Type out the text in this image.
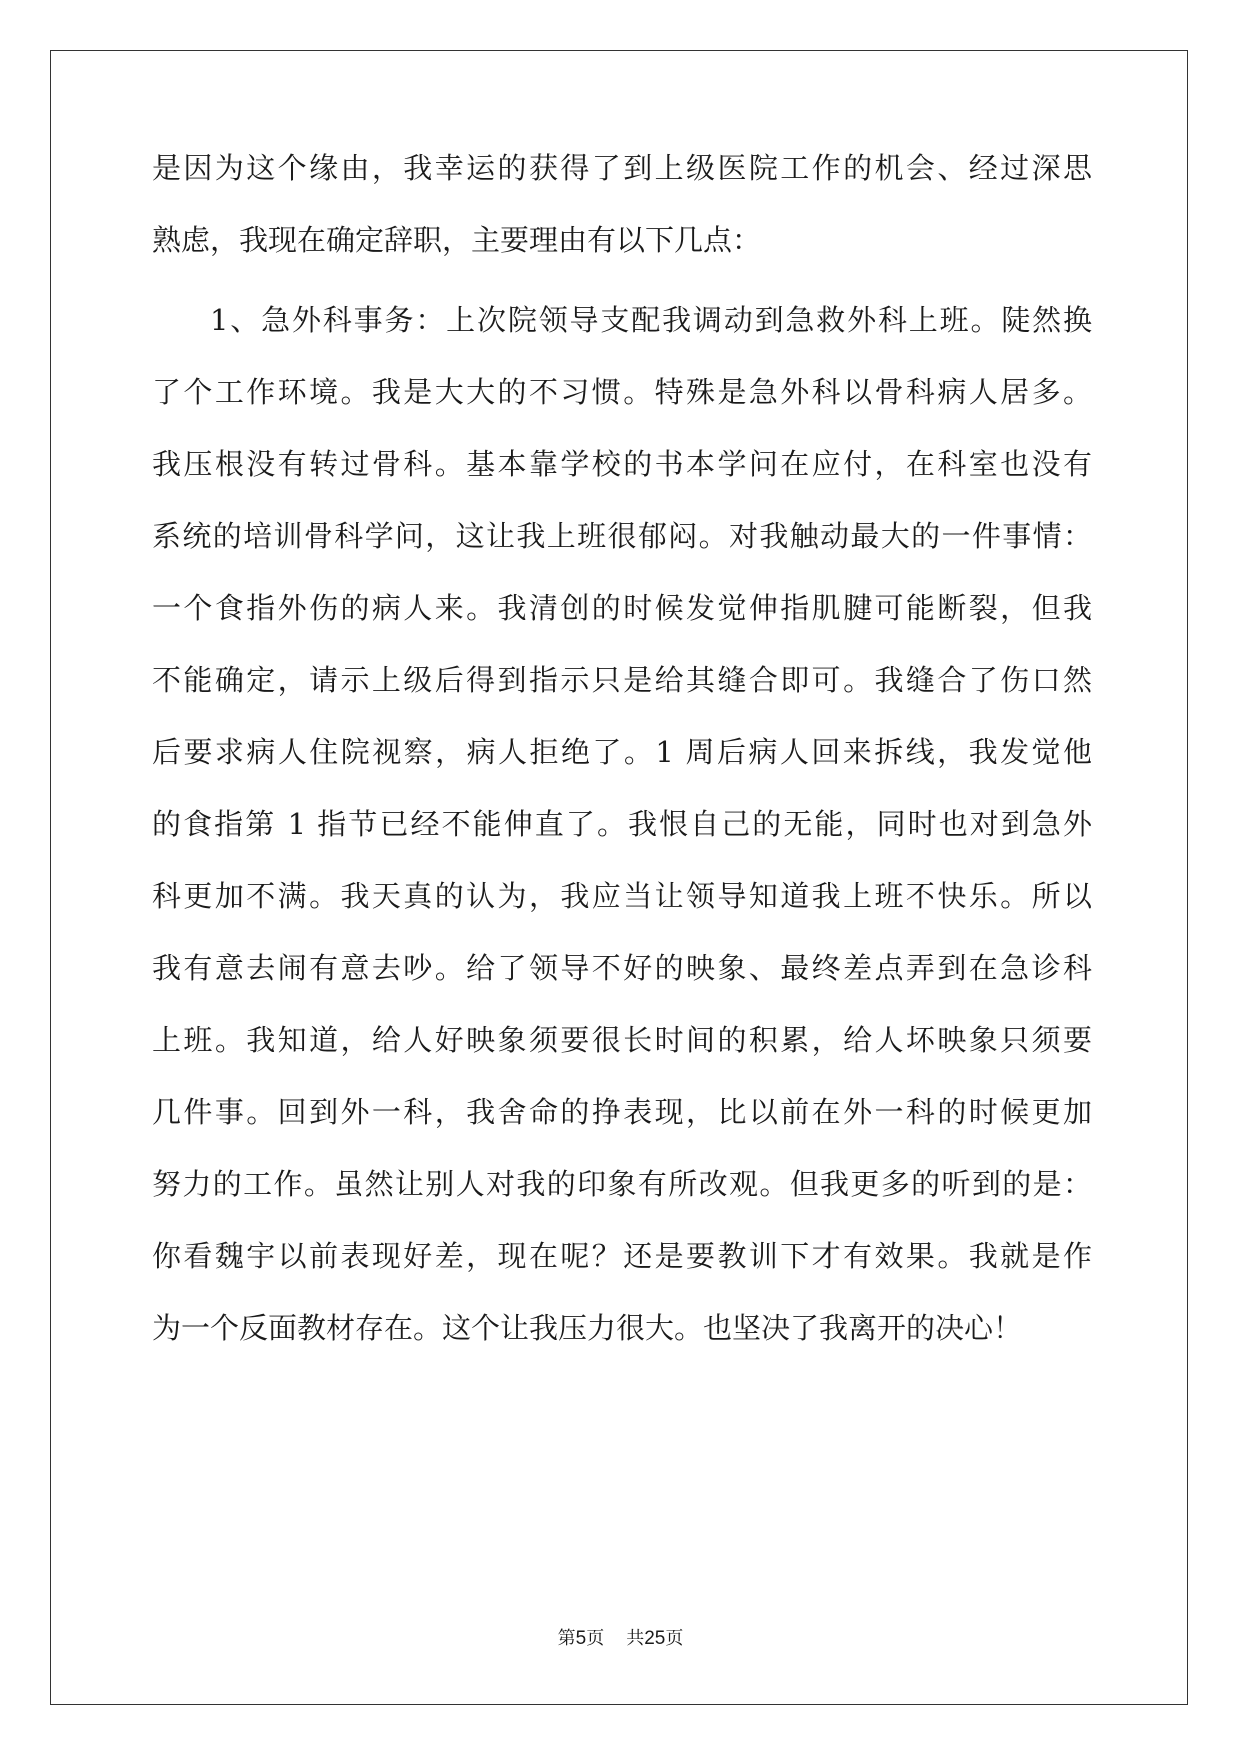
是因为这个缘由，我幸运的获得了到上级医院工作的机会、经过深思
熟虑，我现在确定辞职，主要理由有以下几点：
1、急外科事务：上次院领导支配我调动到急救外科上班。陡然换
了个工作环境。我是大大的不习惯。特殊是急外科以骨科病人居多。
我压根没有转过骨科。基本靠学校的书本学问在应付，在科室也没有
系统的培训骨科学问，这让我上班很郁闷。对我触动最大的一件事情：
一个食指外伤的病人来。我清创的时候发觉伸指肌腱可能断裂，但我
不能确定，请示上级后得到指示只是给其缝合即可。我缝合了伤口然
后要求病人住院视察，病人拒绝了。1 周后病人回来拆线，我发觉他
的食指第 1 指节已经不能伸直了。我恨自己的无能，同时也对到急外
科更加不满。我天真的认为，我应当让领导知道我上班不快乐。所以
我有意去闹有意去吵。给了领导不好的映象、最终差点弄到在急诊科
上班。我知道，给人好映象须要很长时间的积累，给人坏映象只须要
几件事。回到外一科，我舍命的挣表现，比以前在外一科的时候更加
努力的工作。虽然让别人对我的印象有所改观。但我更多的听到的是：
你看魏宇以前表现好差，现在呢？还是要教训下才有效果。我就是作
为一个反面教材存在。这个让我压力很大。也坚决了我离开的决心！
第5页 共25页
